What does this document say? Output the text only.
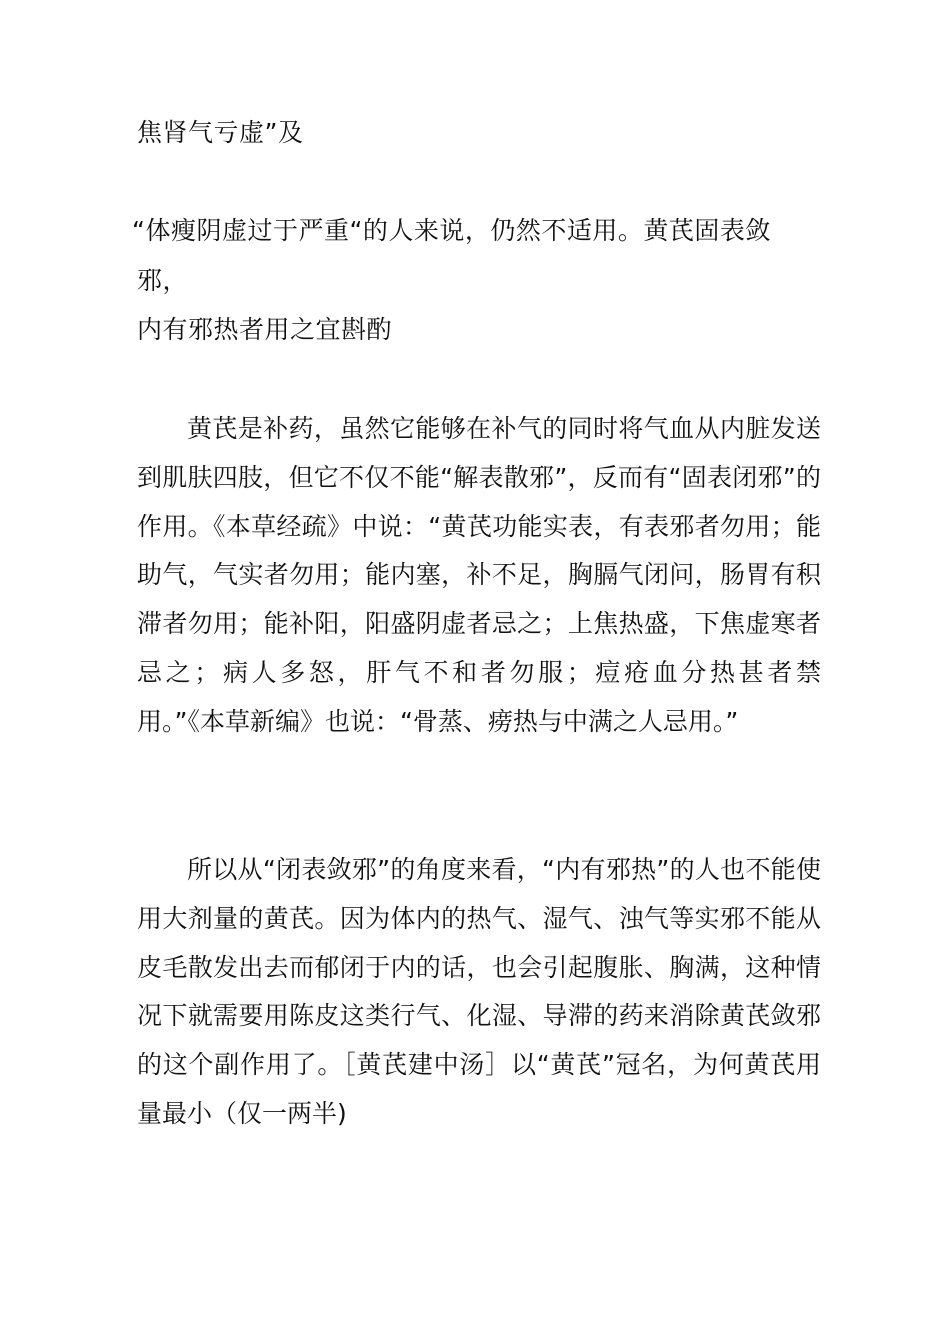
焦肾气亏虚”及
“体瘦阴虚过于严重“的人来说，仍然不适用。黄芪固表敛
邪，
内有邪热者用之宜斟酌
黄芪是补药，虽然它能够在补气的同时将气血从内脏发送到肌肤四肢，但它不仅不能“解表散邪”，反而有“固表闭邪”的作用。《本草经疏》中说：“黄芪功能实表，有表邪者勿用；能助气，气实者勿用；能内塞，补不足，胸膈气闭问，肠胃有积滞者勿用；能补阳，阳盛阴虚者忌之；上焦热盛，下焦虚寒者忌之；病人多怒，肝气不和者勿服；痘疮血分热甚者禁用。”《本草新编》也说：“骨蒸、痨热与中满之人忌用。”
所以从“闭表敛邪”的角度来看，“内有邪热”的人也不能使用大剂量的黄芪。因为体内的热气、湿气、浊气等实邪不能从皮毛散发出去而郁闭于内的话，也会引起腹胀、胸满，这种情况下就需要用陈皮这类行气、化湿、导滞的药来消除黄芪敛邪的这个副作用了。［黄芪建中汤］以“黄芪”冠名，为何黄芪用量最小（仅一两半)
